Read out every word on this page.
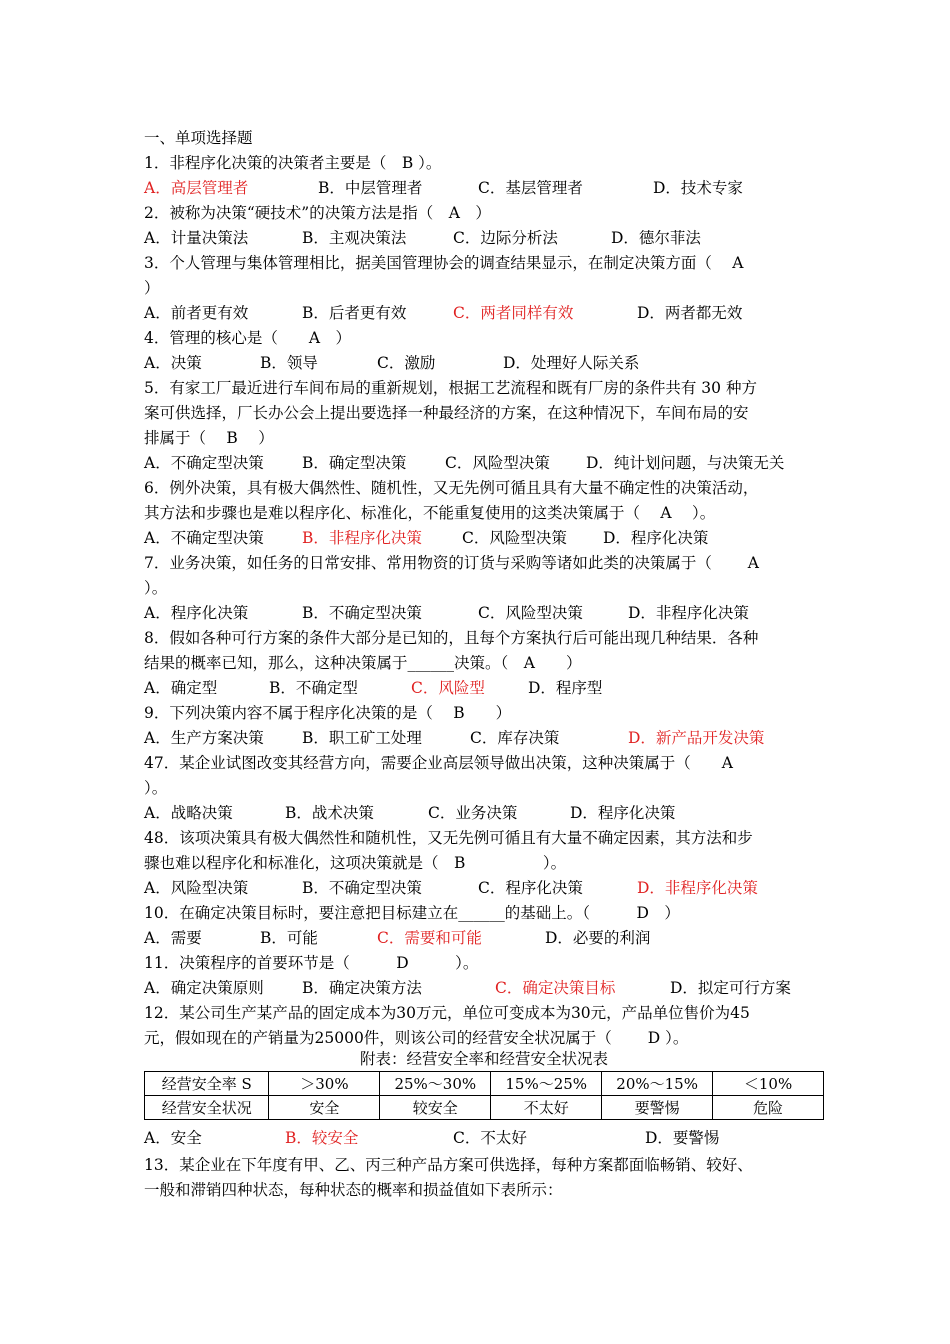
一、单项选择题
1．非程序化决策的决策者主要是（　B ）。
2．被称为决策“硬技术”的决策方法是指（　A　）
3．个人管理与集体管理相比，据美国管理协会的调查结果显示，在制定决策方面（　 A
）
4．管理的核心是（　　A　）
5．有家工厂最近进行车间布局的重新规划，根据工艺流程和既有厂房的条件共有 30 种方
案可供选择，厂长办公会上提出要选择一种最经济的方案，在这种情况下，车间布局的安
排属于（　 B　 ）
6．例外决策，具有极大偶然性、随机性，又无先例可循且具有大量不确定性的决策活动，
其方法和步骤也是难以程序化、标准化，不能重复使用的这类决策属于（　 A　 ）。
7．业务决策，如任务的日常安排、常用物资的订货与采购等诸如此类的决策属于（　　 A
）。
8．假如各种可行方案的条件大部分是已知的，且每个方案执行后可能出现几种结果．各种
结果的概率已知，那么，这种决策属于______决策。（　A　　）
9．下列决策内容不属于程序化决策的是（　 B　　）
47．某企业试图改变其经营方向，需要企业高层领导做出决策，这种决策属于（　　A
）。
48．该项决策具有极大偶然性和随机性，又无先例可循且有大量不确定因素，其方法和步
骤也难以程序化和标准化，这项决策就是（　B　　　　　）。
10．在确定决策目标时，要注意把目标建立在______的基础上。（　　　D　）
11．决策程序的首要环节是（　　　D　　　）。
12．某公司生产某产品的固定成本为30万元，单位可变成本为30元，产品单位售价为45
元，假如现在的产销量为25000件，则该公司的经营安全状况属于（　　 D ）。
13．某企业在下年度有甲、乙、丙三种产品方案可供选择，每种方案都面临畅销、较好、
一般和滞销四种状态，每种状态的概率和损益值如下表所示：
A．高层管理者	B．中层管理者	C．基层管理者	D．技术专家
A．计量决策法	B．主观决策法	C．边际分析法	D．德尔菲法
A．前者更有效	B．后者更有效	C．两者同样有效	D．两者都无效
A．决策	B．领导	C．激励	D．处理好人际关系
A．不确定型决策 B．确定型决策 C．风险型决策 D．纯计划问题，与决策无关
A．不确定型决策 B．非程序化决策	C．风险型决策 D．程序化决策
A．程序化决策	B．不确定型决策	C．风险型决策	D．非程序化决策
A．确定型	B．不确定型	C．风险型	D．程序型
A．生产方案决策 B．职工矿工处理	C．库存决策	D．新产品开发决策
A．战略决策	B．战术决策	C．业务决策	D．程序化决策
A．风险型决策	B．不确定型决策	C．程序化决策	D．非程序化决策
A．需要	B．可能	C．需要和可能	D．必要的利润
A．确定决策原则 B．确定决策方法	C．确定决策目标	D．拟定可行方案
A．安全	B．较安全	C．不太好	D．要警惕
附表：经营安全率和经营安全状况表
经营安全率 S	＞30%	25%～30%	15%～25%	20%～15%	＜10%
经营安全状况	安全	较安全	不太好	要警惕	危险
